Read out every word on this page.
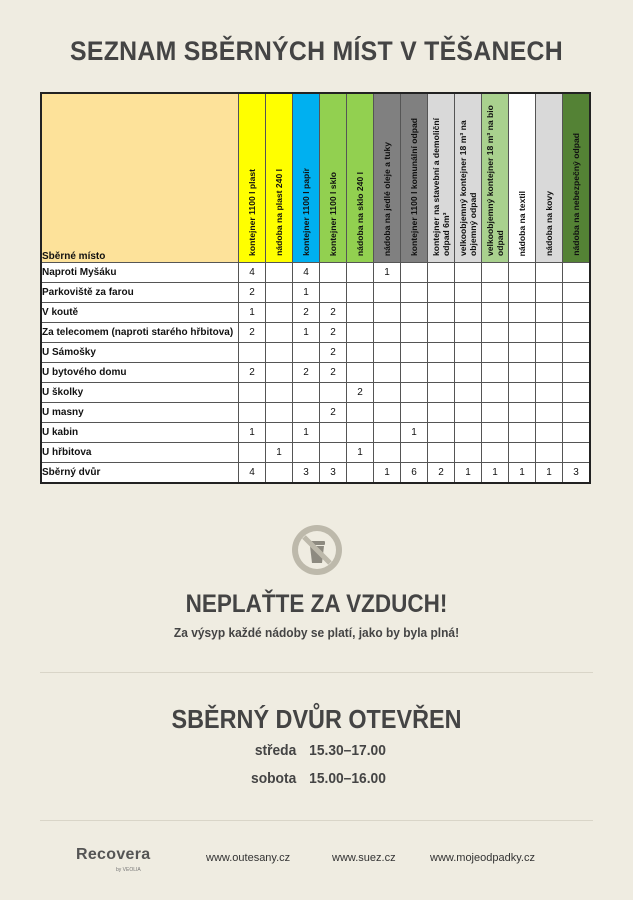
SEZNAM SBĚRNÝCH MÍST V TĚŠANECH
Sběrné místo	kontejner 1100 l plast	nádoba na plast 240 l	kontejner 1100 l papír	kontejner 1100 l sklo	nádoba na sklo 240 l	nádoba na jedlé oleje a tuky	kontejner 1100 l komunální odpad	kontejner na stavební a demoliční odpad 6m³	velkoobjemný kontejner 18 m³ na objemný odpad	velkoobjemný kontejner 18 m³ na bio odpad	nádoba na textil	nádoba na kovy	nádoba na nebezpečný odpad

Naproti Myšáku	4		4			1							
Parkoviště za farou	2		1										
V koutě	1		2	2									
Za telecomem (naproti starého hřbitova)	2		1	2									
U Sámošky				2									
U bytového domu	2		2	2									
U školky					2								
U masny				2									
U kabin	1		1				1						
U hřbitova		1			1								
Sběrný dvůr	4		3	3		1	6	2	1	1	1	1	3
NEPLAŤTE ZA VZDUCH!
Za výsyp každé nádoby se platí, jako by byla plná!
SBĚRNÝ DVŮR OTEVŘEN
středa 15.30–17.00
sobota 15.00–16.00
Recovera
by VEOLIA
www.outesany.cz	www.suez.cz	www.mojeodpadky.cz
